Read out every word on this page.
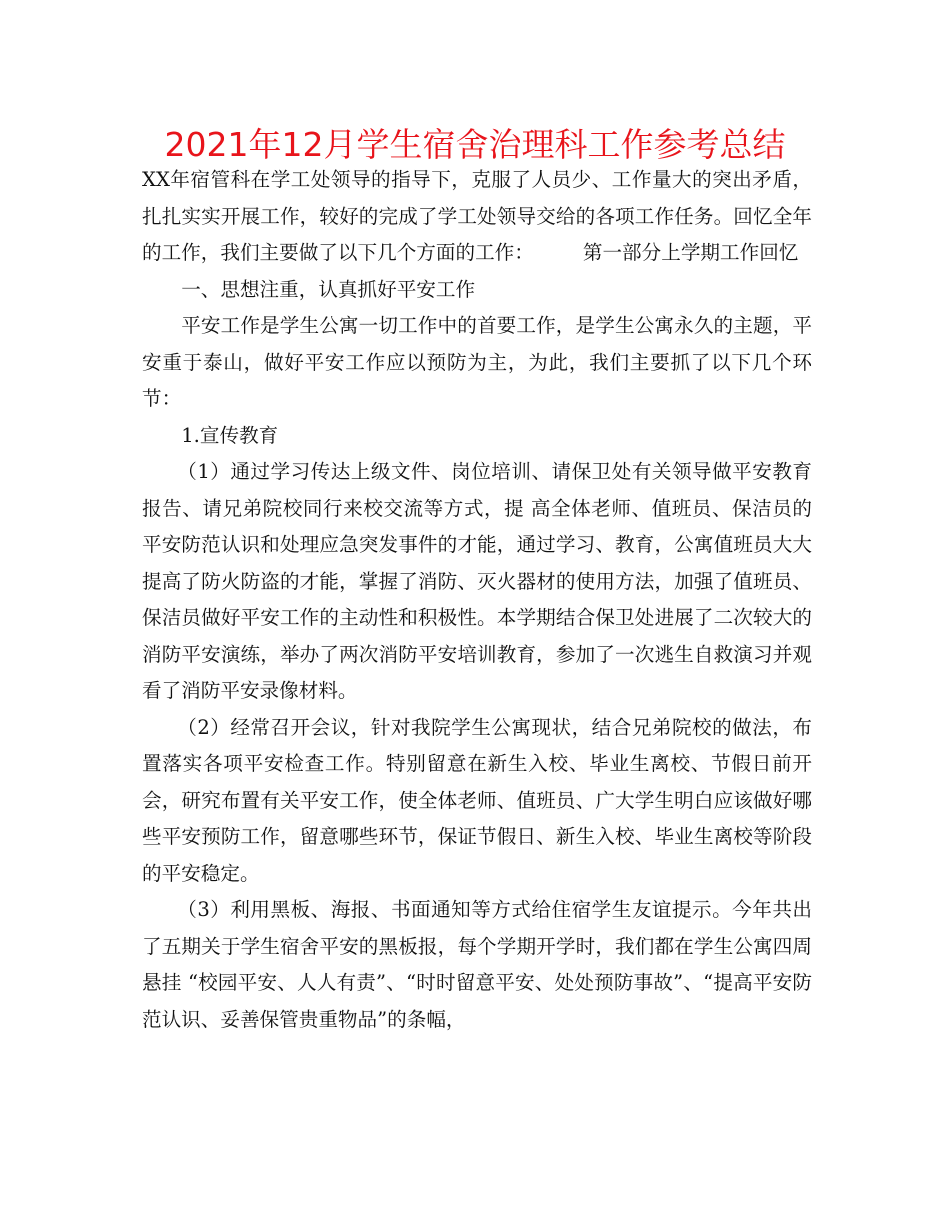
2021年12月学生宿舍治理科工作参考总结

XX年宿管科在学工处领导的指导下，克服了人员少、工作量大的突出矛盾，扎扎实实开展工作，较好的完成了学工处领导交给的各项工作任务。回忆全年的工作，我们主要做了以下几个方面的工作：　　　第一部分上学期工作回忆

一、思想注重，认真抓好平安工作

平安工作是学生公寓一切工作中的首要工作，是学生公寓永久的主题，平安重于泰山，做好平安工作应以预防为主，为此，我们主要抓了以下几个环节：

1.宣传教育

（1）通过学习传达上级文件、岗位培训、请保卫处有关领导做平安教育报告、请兄弟院校同行来校交流等方式，提 高全体老师、值班员、保洁员的平安防范认识和处理应急突发事件的才能，通过学习、教育，公寓值班员大大提高了防火防盗的才能，掌握了消防、灭火器材的使用方法，加强了值班员、保洁员做好平安工作的主动性和积极性。本学期结合保卫处进展了二次较大的消防平安演练，举办了两次消防平安培训教育，参加了一次逃生自救演习并观看了消防平安录像材料。

（2）经常召开会议，针对我院学生公寓现状，结合兄弟院校的做法，布置落实各项平安检查工作。特别留意在新生入校、毕业生离校、节假日前开会，研究布置有关平安工作，使全体老师、值班员、广大学生明白应该做好哪些平安预防工作，留意哪些环节，保证节假日、新生入校、毕业生离校等阶段的平安稳定。

（3）利用黑板、海报、书面通知等方式给住宿学生友谊提示。今年共出了五期关于学生宿舍平安的黑板报，每个学期开学时，我们都在学生公寓四周悬挂 “校园平安、人人有责”、“时时留意平安、处处预防事故”、“提高平安防范认识、妥善保管贵重物品”的条幅，
